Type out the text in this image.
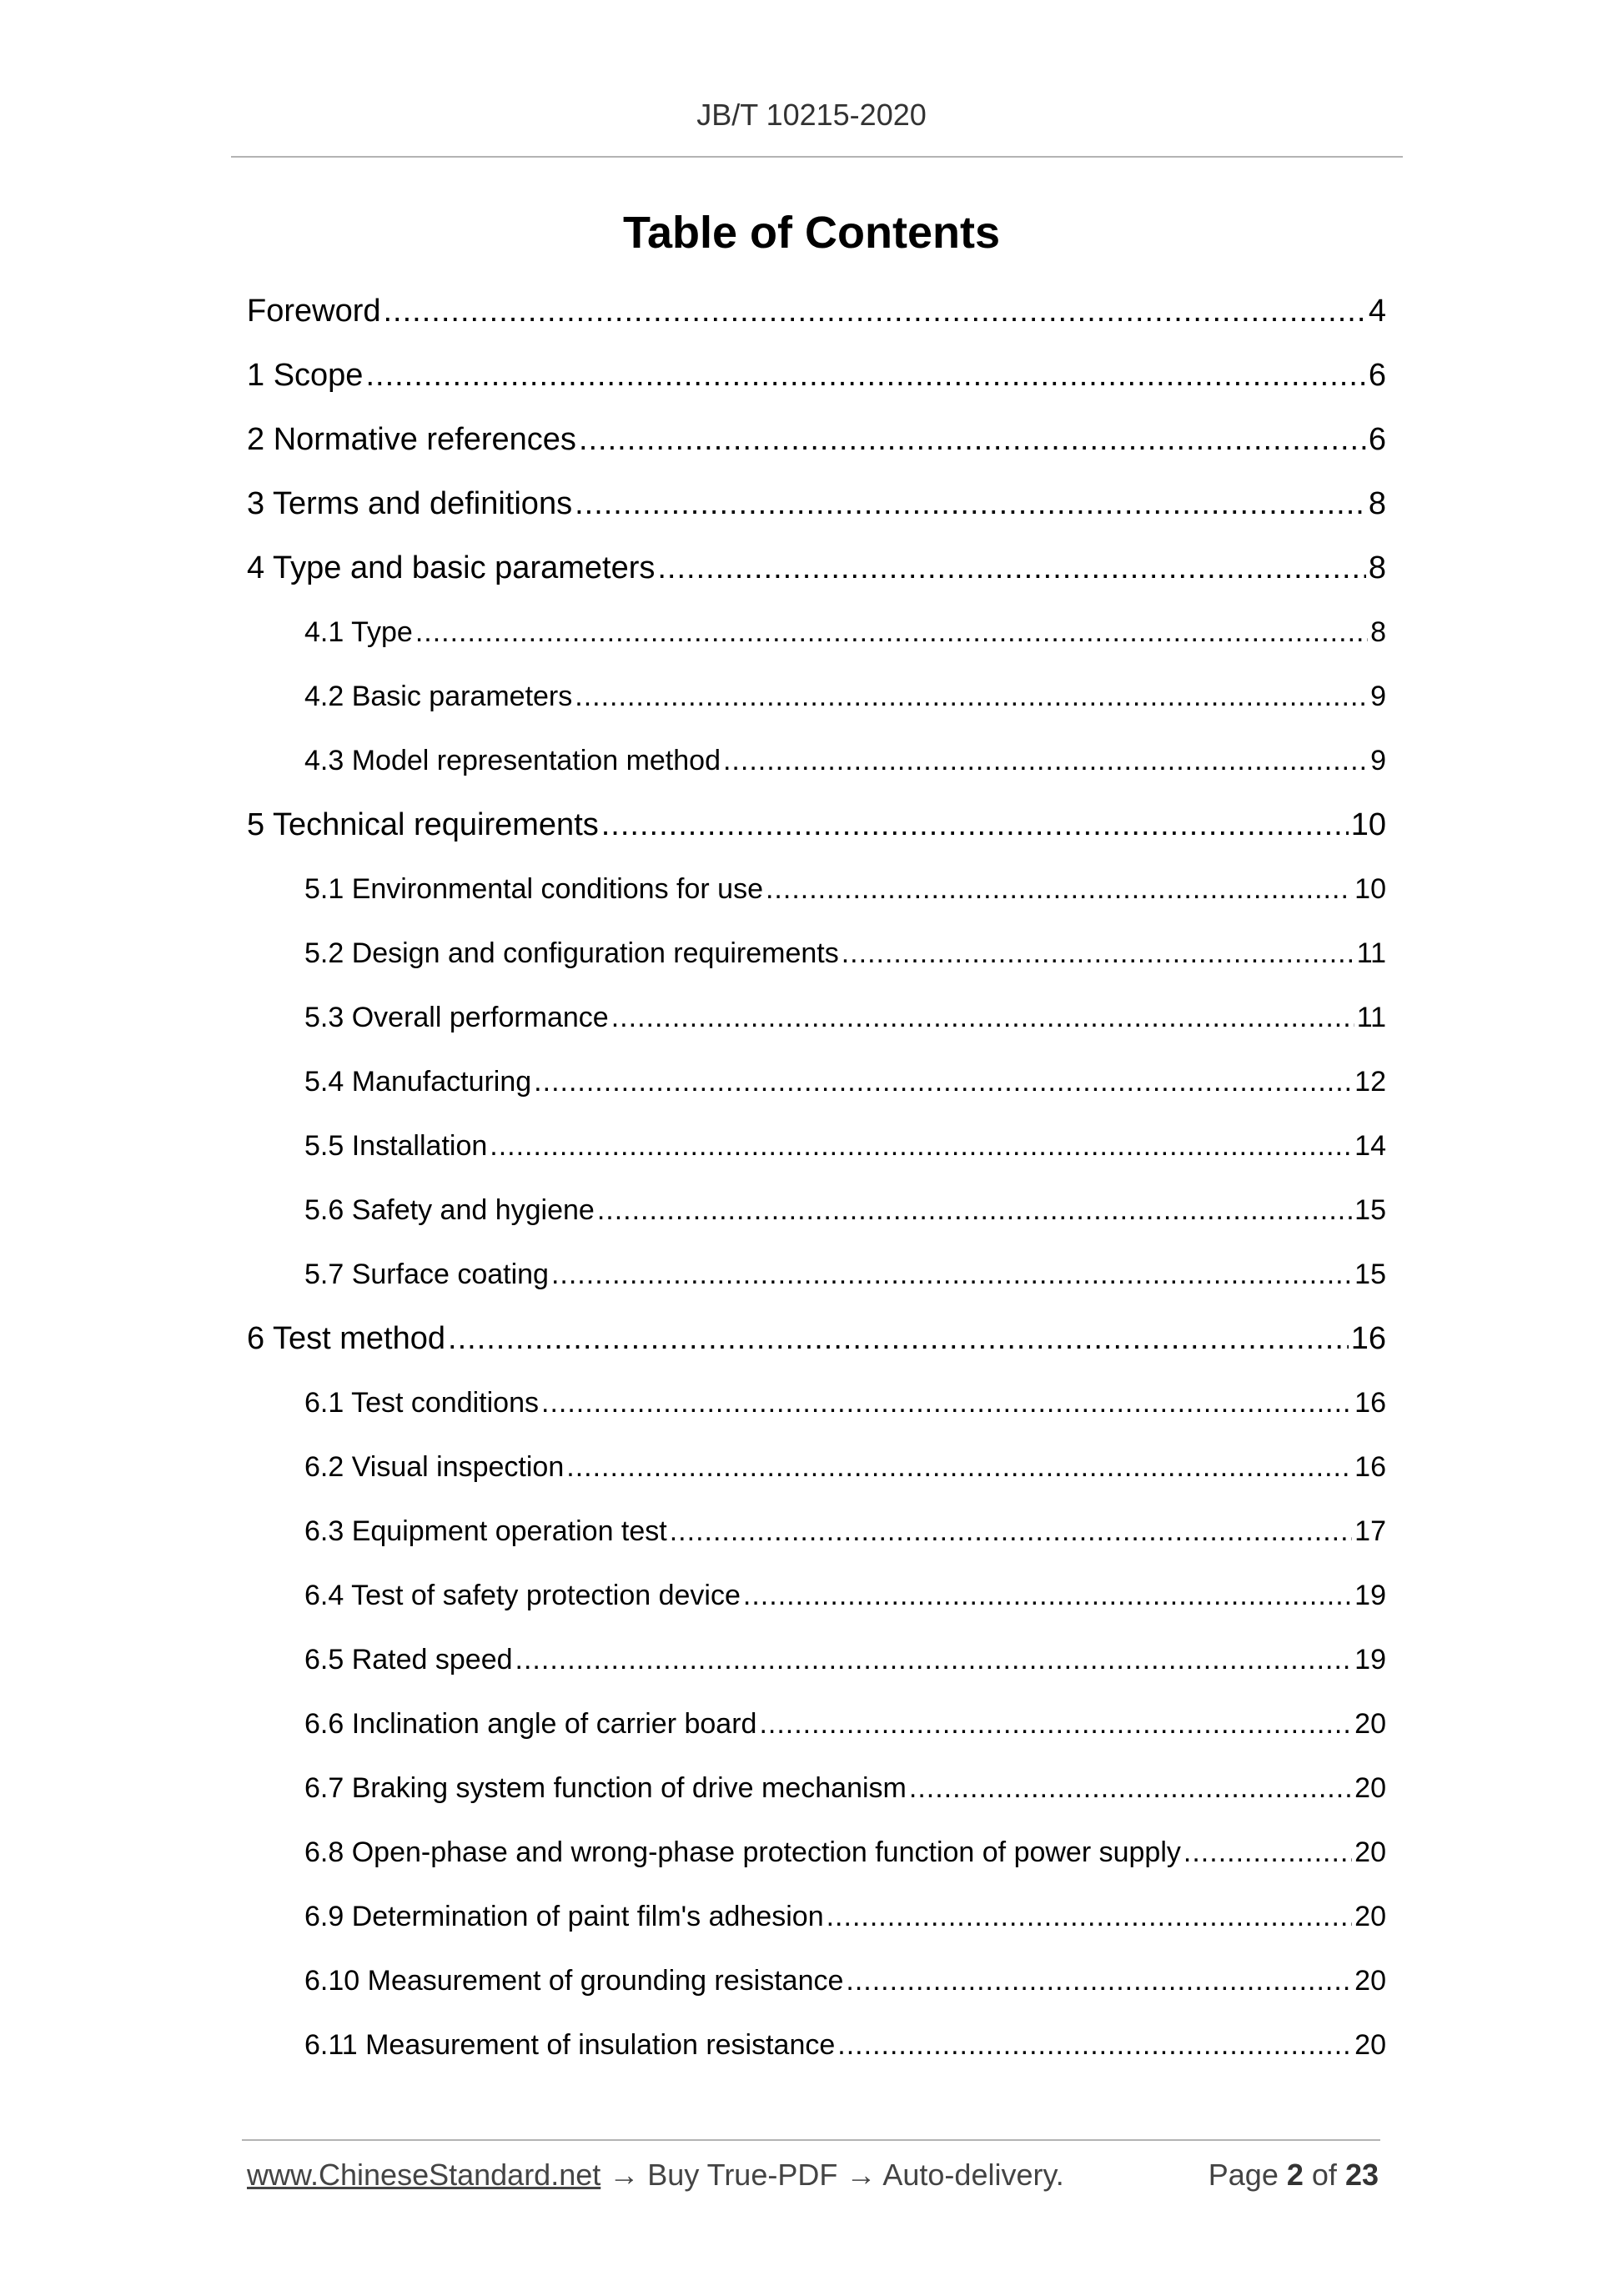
JB/T 10215-2020
Table of Contents
Foreword .....	4
1 Scope .....	6
2 Normative references .....	6
3 Terms and definitions .....	8
4 Type and basic parameters .....	8
4.1 Type .....	8
4.2 Basic parameters .....	9
4.3 Model representation method .....	9
5 Technical requirements .....	10
5.1 Environmental conditions for use .....	10
5.2 Design and configuration requirements .....	11
5.3 Overall performance .....	11
5.4 Manufacturing .....	12
5.5 Installation .....	14
5.6 Safety and hygiene .....	15
5.7 Surface coating .....	15
6 Test method .....	16
6.1 Test conditions .....	16
6.2 Visual inspection .....	16
6.3 Equipment operation test .....	17
6.4 Test of safety protection device .....	19
6.5 Rated speed .....	19
6.6 Inclination angle of carrier board .....	20
6.7 Braking system function of drive mechanism .....	20
6.8 Open-phase and wrong-phase protection function of power supply .....	20
6.9 Determination of paint film's adhesion .....	20
6.10 Measurement of grounding resistance .....	20
6.11 Measurement of insulation resistance .....	20
www.ChineseStandard.net → Buy True-PDF → Auto-delivery.	Page 2 of 23
